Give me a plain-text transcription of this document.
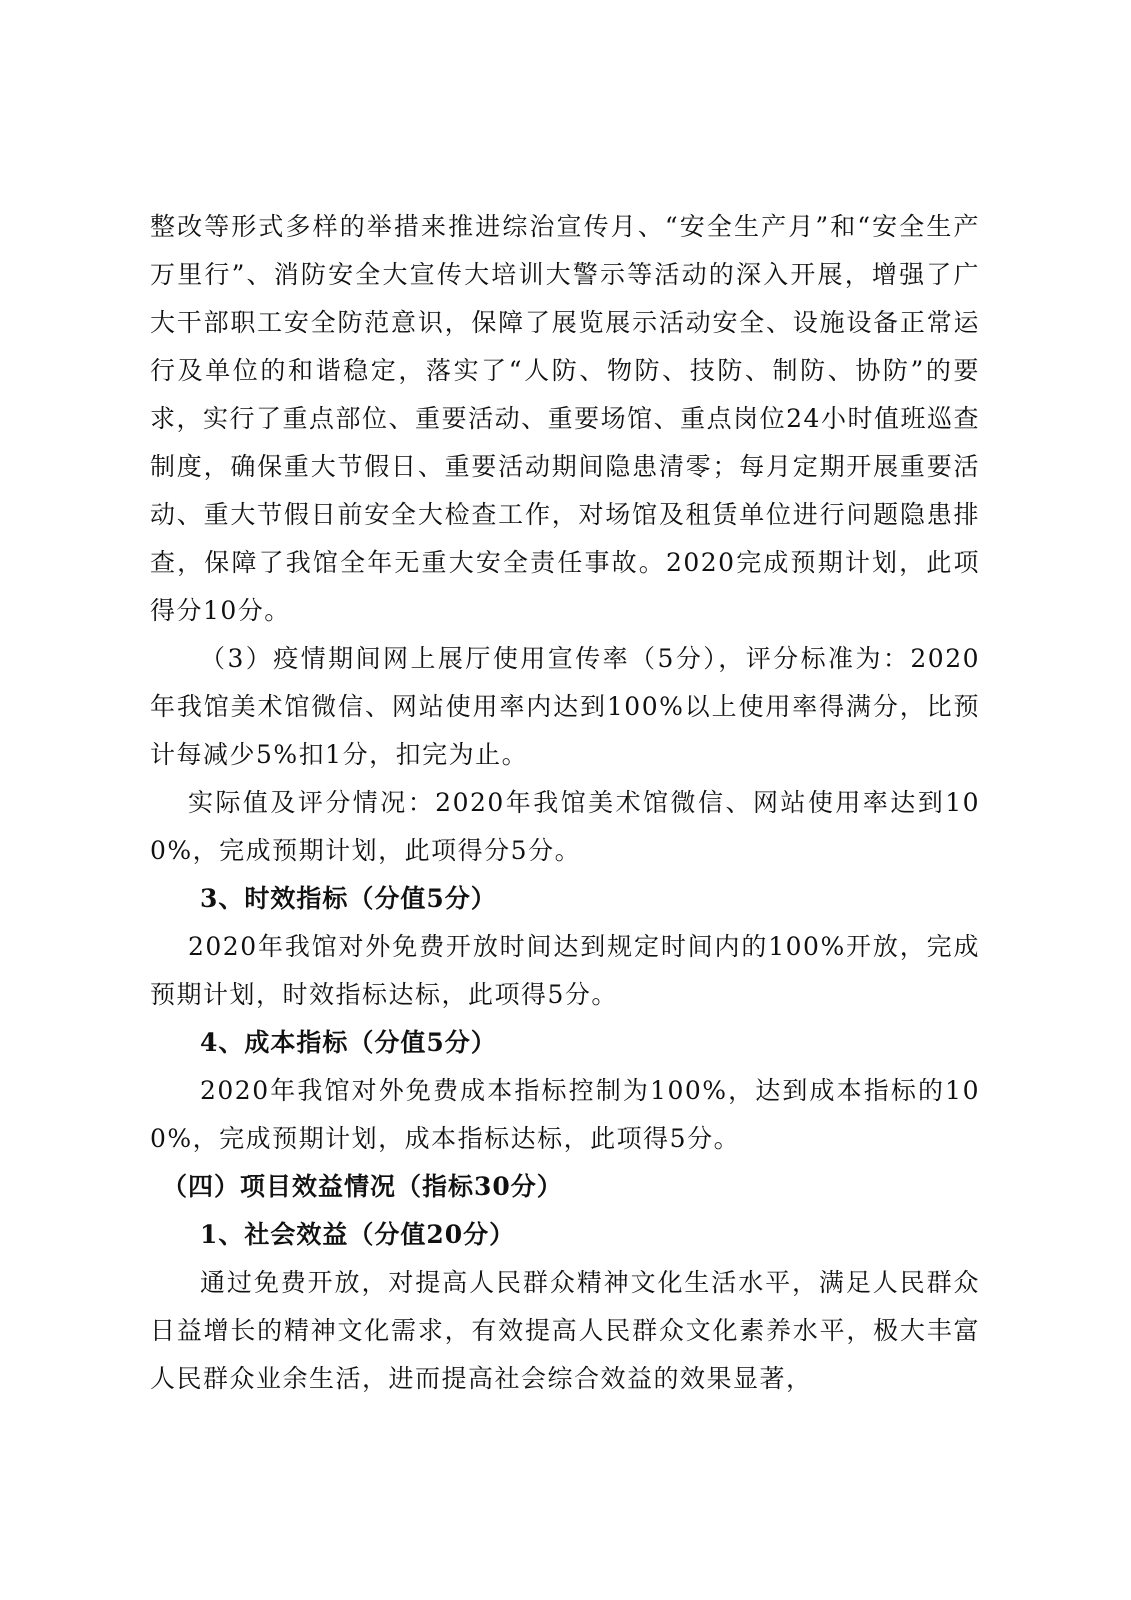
整改等形式多样的举措来推进综治宣传月、“安全生产月”和“安全生产万里行”、消防安全大宣传大培训大警示等活动的深入开展，增强了广大干部职工安全防范意识，保障了展览展示活动安全、设施设备正常运行及单位的和谐稳定，落实了“人防、物防、技防、制防、协防”的要求，实行了重点部位、重要活动、重要场馆、重点岗位24小时值班巡查制度，确保重大节假日、重要活动期间隐患清零；每月定期开展重要活动、重大节假日前安全大检查工作，对场馆及租赁单位进行问题隐患排查，保障了我馆全年无重大安全责任事故。2020完成预期计划，此项得分10分。

（3）疫情期间网上展厅使用宣传率（5分），评分标准为：2020年我馆美术馆微信、网站使用率内达到100%以上使用率得满分，比预计每减少5%扣1分，扣完为止。

实际值及评分情况：2020年我馆美术馆微信、网站使用率达到100%，完成预期计划，此项得分5分。

3、时效指标（分值5分）

2020年我馆对外免费开放时间达到规定时间内的100%开放，完成预期计划，时效指标达标，此项得5分。

4、成本指标（分值5分）

2020年我馆对外免费成本指标控制为100%，达到成本指标的100%，完成预期计划，成本指标达标，此项得5分。

（四）项目效益情况（指标30分）

1、社会效益（分值20分）

通过免费开放，对提高人民群众精神文化生活水平，满足人民群众日益增长的精神文化需求，有效提高人民群众文化素养水平，极大丰富人民群众业余生活，进而提高社会综合效益的效果显著，
